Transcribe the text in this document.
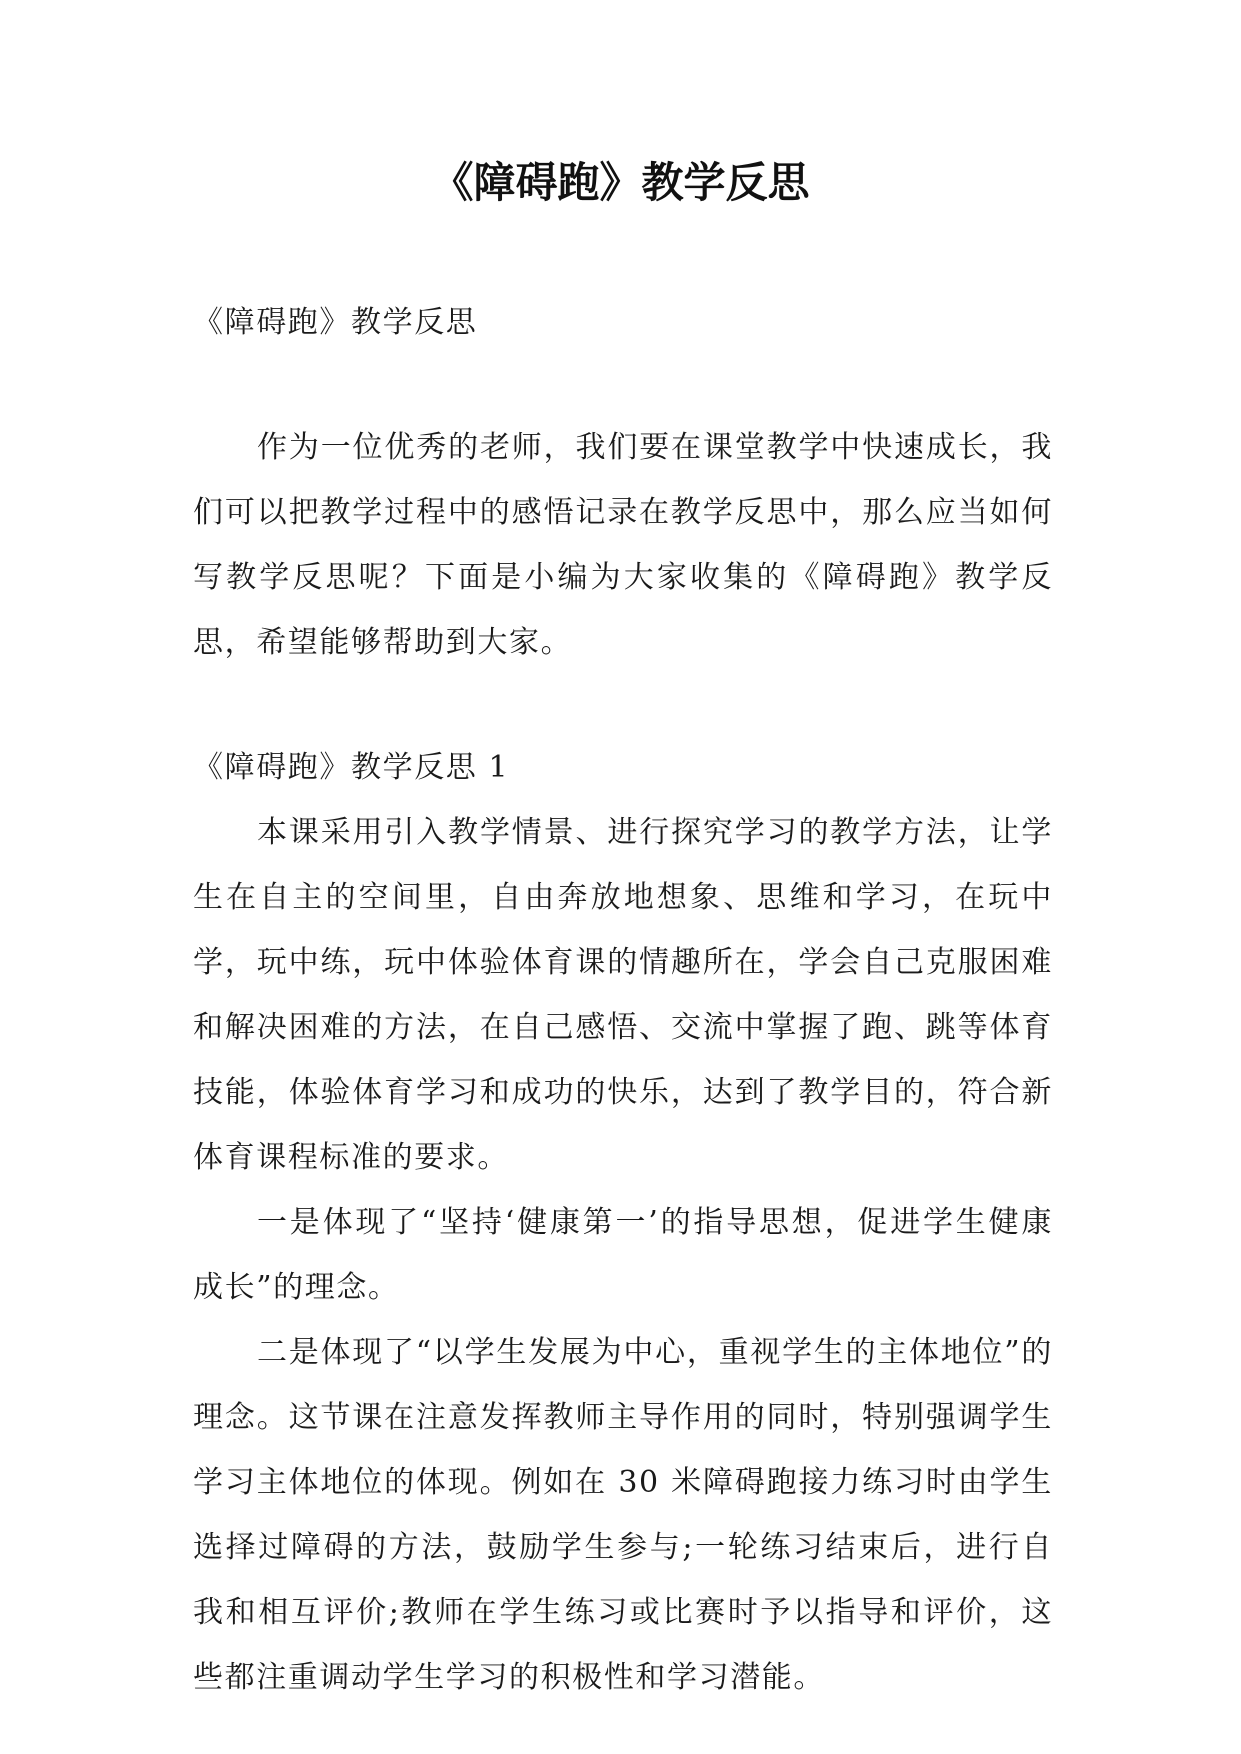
《障碍跑》教学反思

《障碍跑》教学反思

作为一位优秀的老师，我们要在课堂教学中快速成长，我们可以把教学过程中的感悟记录在教学反思中，那么应当如何写教学反思呢？下面是小编为大家收集的《障碍跑》教学反思，希望能够帮助到大家。

《障碍跑》教学反思 1

本课采用引入教学情景、进行探究学习的教学方法，让学生在自主的空间里，自由奔放地想象、思维和学习，在玩中学，玩中练，玩中体验体育课的情趣所在，学会自己克服困难和解决困难的方法，在自己感悟、交流中掌握了跑、跳等体育技能，体验体育学习和成功的快乐，达到了教学目的，符合新体育课程标准的要求。

一是体现了“坚持‘健康第一’的指导思想，促进学生健康成长”的理念。

二是体现了“以学生发展为中心，重视学生的主体地位”的理念。这节课在注意发挥教师主导作用的同时，特别强调学生学习主体地位的体现。例如在 30 米障碍跑接力练习时由学生选择过障碍的方法，鼓励学生参与;一轮练习结束后，进行自我和相互评价;教师在学生练习或比赛时予以指导和评价，这些都注重调动学生学习的积极性和学习潜能。
